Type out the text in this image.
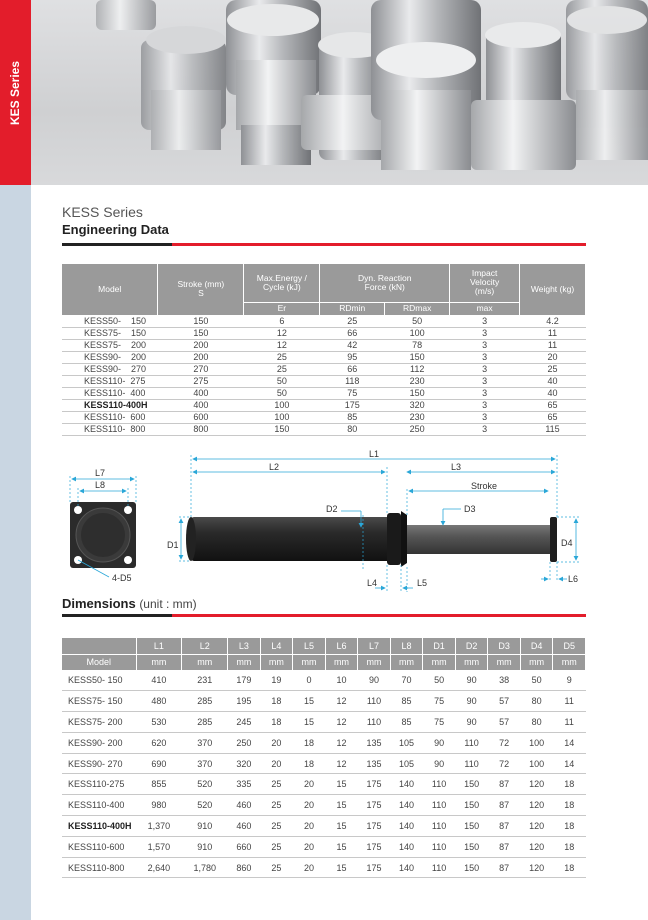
KES Series
KESS Series
Engineering Data
Model	Stroke (mm) S	Max.Energy / Cycle (kJ)	Dyn. Reaction Force (kN)		Impact Velocity (m/s)	Weight (kg)
		Er	RDmin	RDmax	max	
KESS50-    150	150	6	25	50	3	4.2
KESS75-    150	150	12	66	100	3	11
KESS75-    200	200	12	42	78	3	11
KESS90-    200	200	25	95	150	3	20
KESS90-    270	270	25	66	112	3	25
KESS110-  275	275	50	118	230	3	40
KESS110-  400	400	50	75	150	3	40
KESS110-400H	400	100	175	320	3	65
KESS110-  600	600	100	85	230	3	65
KESS110-  800	800	150	80	250	3	115
L7
L8
4-D5
L1
L2	L3
Stroke
D1
D2	D3
D4
L4	L5	L6
Dimensions (unit : mm)
	L1	L2	L3	L4	L5	L6	L7	L8	D1	D2	D3	D4	D5
Model	mm	mm	mm	mm	mm	mm	mm	mm	mm	mm	mm	mm	mm
KESS50- 150	410	231	179	19	0	10	90	70	50	90	38	50	9
KESS75- 150	480	285	195	18	15	12	110	85	75	90	57	80	11
KESS75- 200	530	285	245	18	15	12	110	85	75	90	57	80	11
KESS90- 200	620	370	250	20	18	12	135	105	90	110	72	100	14
KESS90- 270	690	370	320	20	18	12	135	105	90	110	72	100	14
KESS110-275	855	520	335	25	20	15	175	140	110	150	87	120	18
KESS110-400	980	520	460	25	20	15	175	140	110	150	87	120	18
KESS110-400H	1,370	910	460	25	20	15	175	140	110	150	87	120	18
KESS110-600	1,570	910	660	25	20	15	175	140	110	150	87	120	18
KESS110-800	2,640	1,780	860	25	20	15	175	140	110	150	87	120	18
